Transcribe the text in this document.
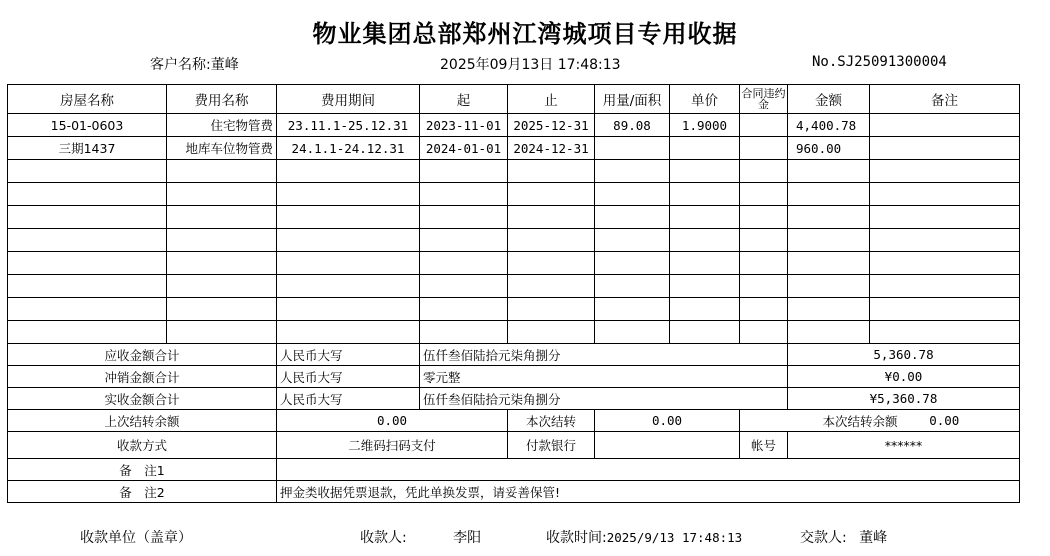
物业集团总部郑州江湾城项目专用收据
客户名称:董峰	2025年09月13日 17:48:13	No.SJ25091300004
房屋名称	费用名称	费用期间	起	止	用量/面积	单价	合同违约金	金额	备注
15-01-0603	住宅物管费	23.11.1-25.12.31	2023-11-01	2025-12-31	89.08	1.9000		4,400.78	
三期1437	地库车位物管费	24.1.1-24.12.31	2024-01-01	2024-12-31				960.00	

应收金额合计		人民币大写	伍仟叁佰陆拾元柒角捌分					5,360.78	
冲销金额合计		人民币大写	零元整					¥0.00	
实收金额合计		人民币大写	伍仟叁佰陆拾元柒角捌分					¥5,360.78	
上次结转余额		0.00		本次结转	0.00		本次结转余额		0.00
收款方式		二维码扫码支付		付款银行			帐号	******	
备　注1									
备　注2		押金类收据凭票退款，凭此单换发票，请妥善保管!							
收款单位（盖章）	收款人:	李阳	收款时间:2025/9/13 17:48:13	交款人: 董峰
